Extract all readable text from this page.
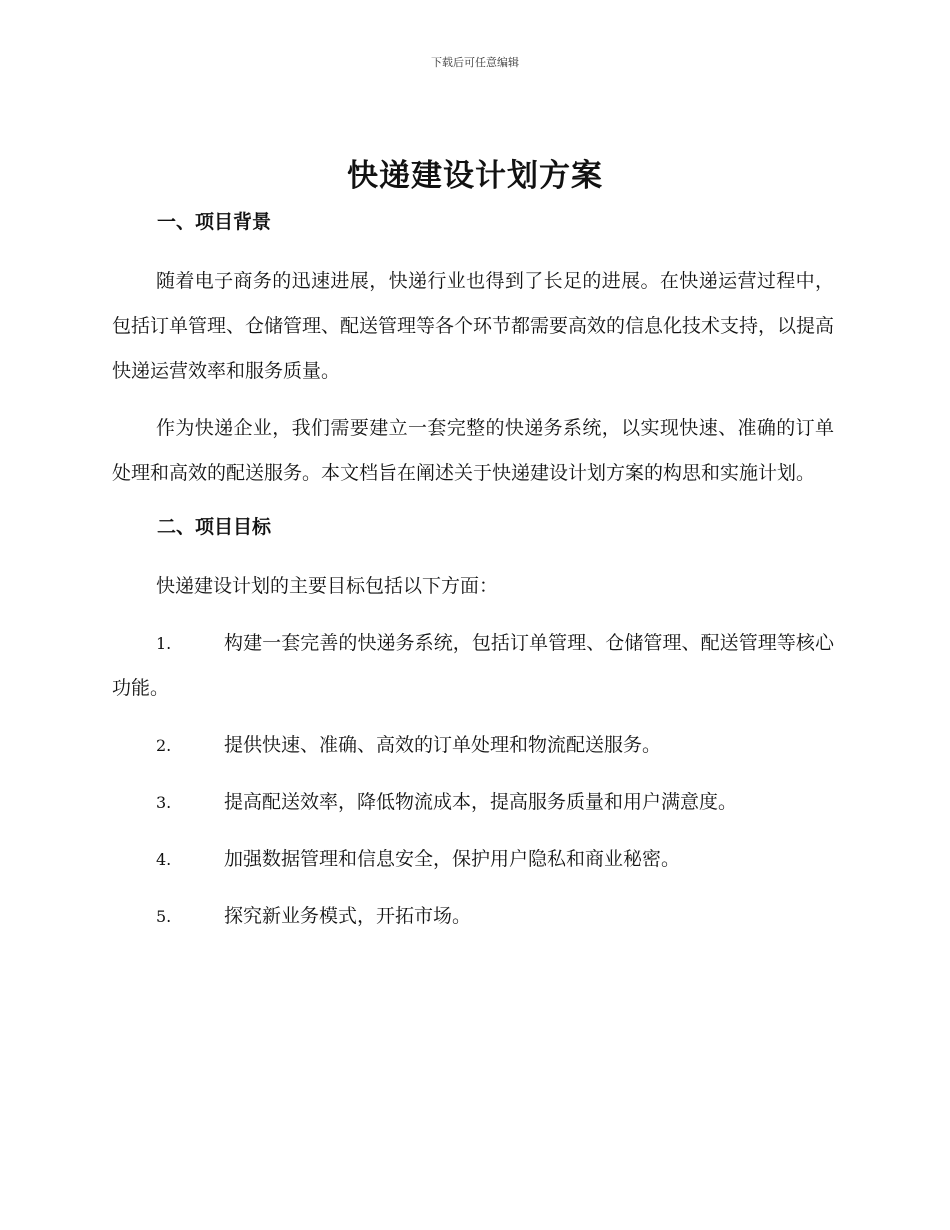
下载后可任意编辑
快递建设计划方案
一、项目背景

随着电子商务的迅速进展，快递行业也得到了长足的进展。在快递运营过程中，包括订单管理、仓储管理、配送管理等各个环节都需要高效的信息化技术支持，以提高快递运营效率和服务质量。

作为快递企业，我们需要建立一套完整的快递务系统，以实现快速、准确的订单处理和高效的配送服务。本文档旨在阐述关于快递建设计划方案的构思和实施计划。

二、项目目标

快递建设计划的主要目标包括以下方面：

1.	构建一套完善的快递务系统，包括订单管理、仓储管理、配送管理等核心功能。

2.	提供快速、准确、高效的订单处理和物流配送服务。

3.	提高配送效率，降低物流成本，提高服务质量和用户满意度。

4.	加强数据管理和信息安全，保护用户隐私和商业秘密。

5.	探究新业务模式，开拓市场。
